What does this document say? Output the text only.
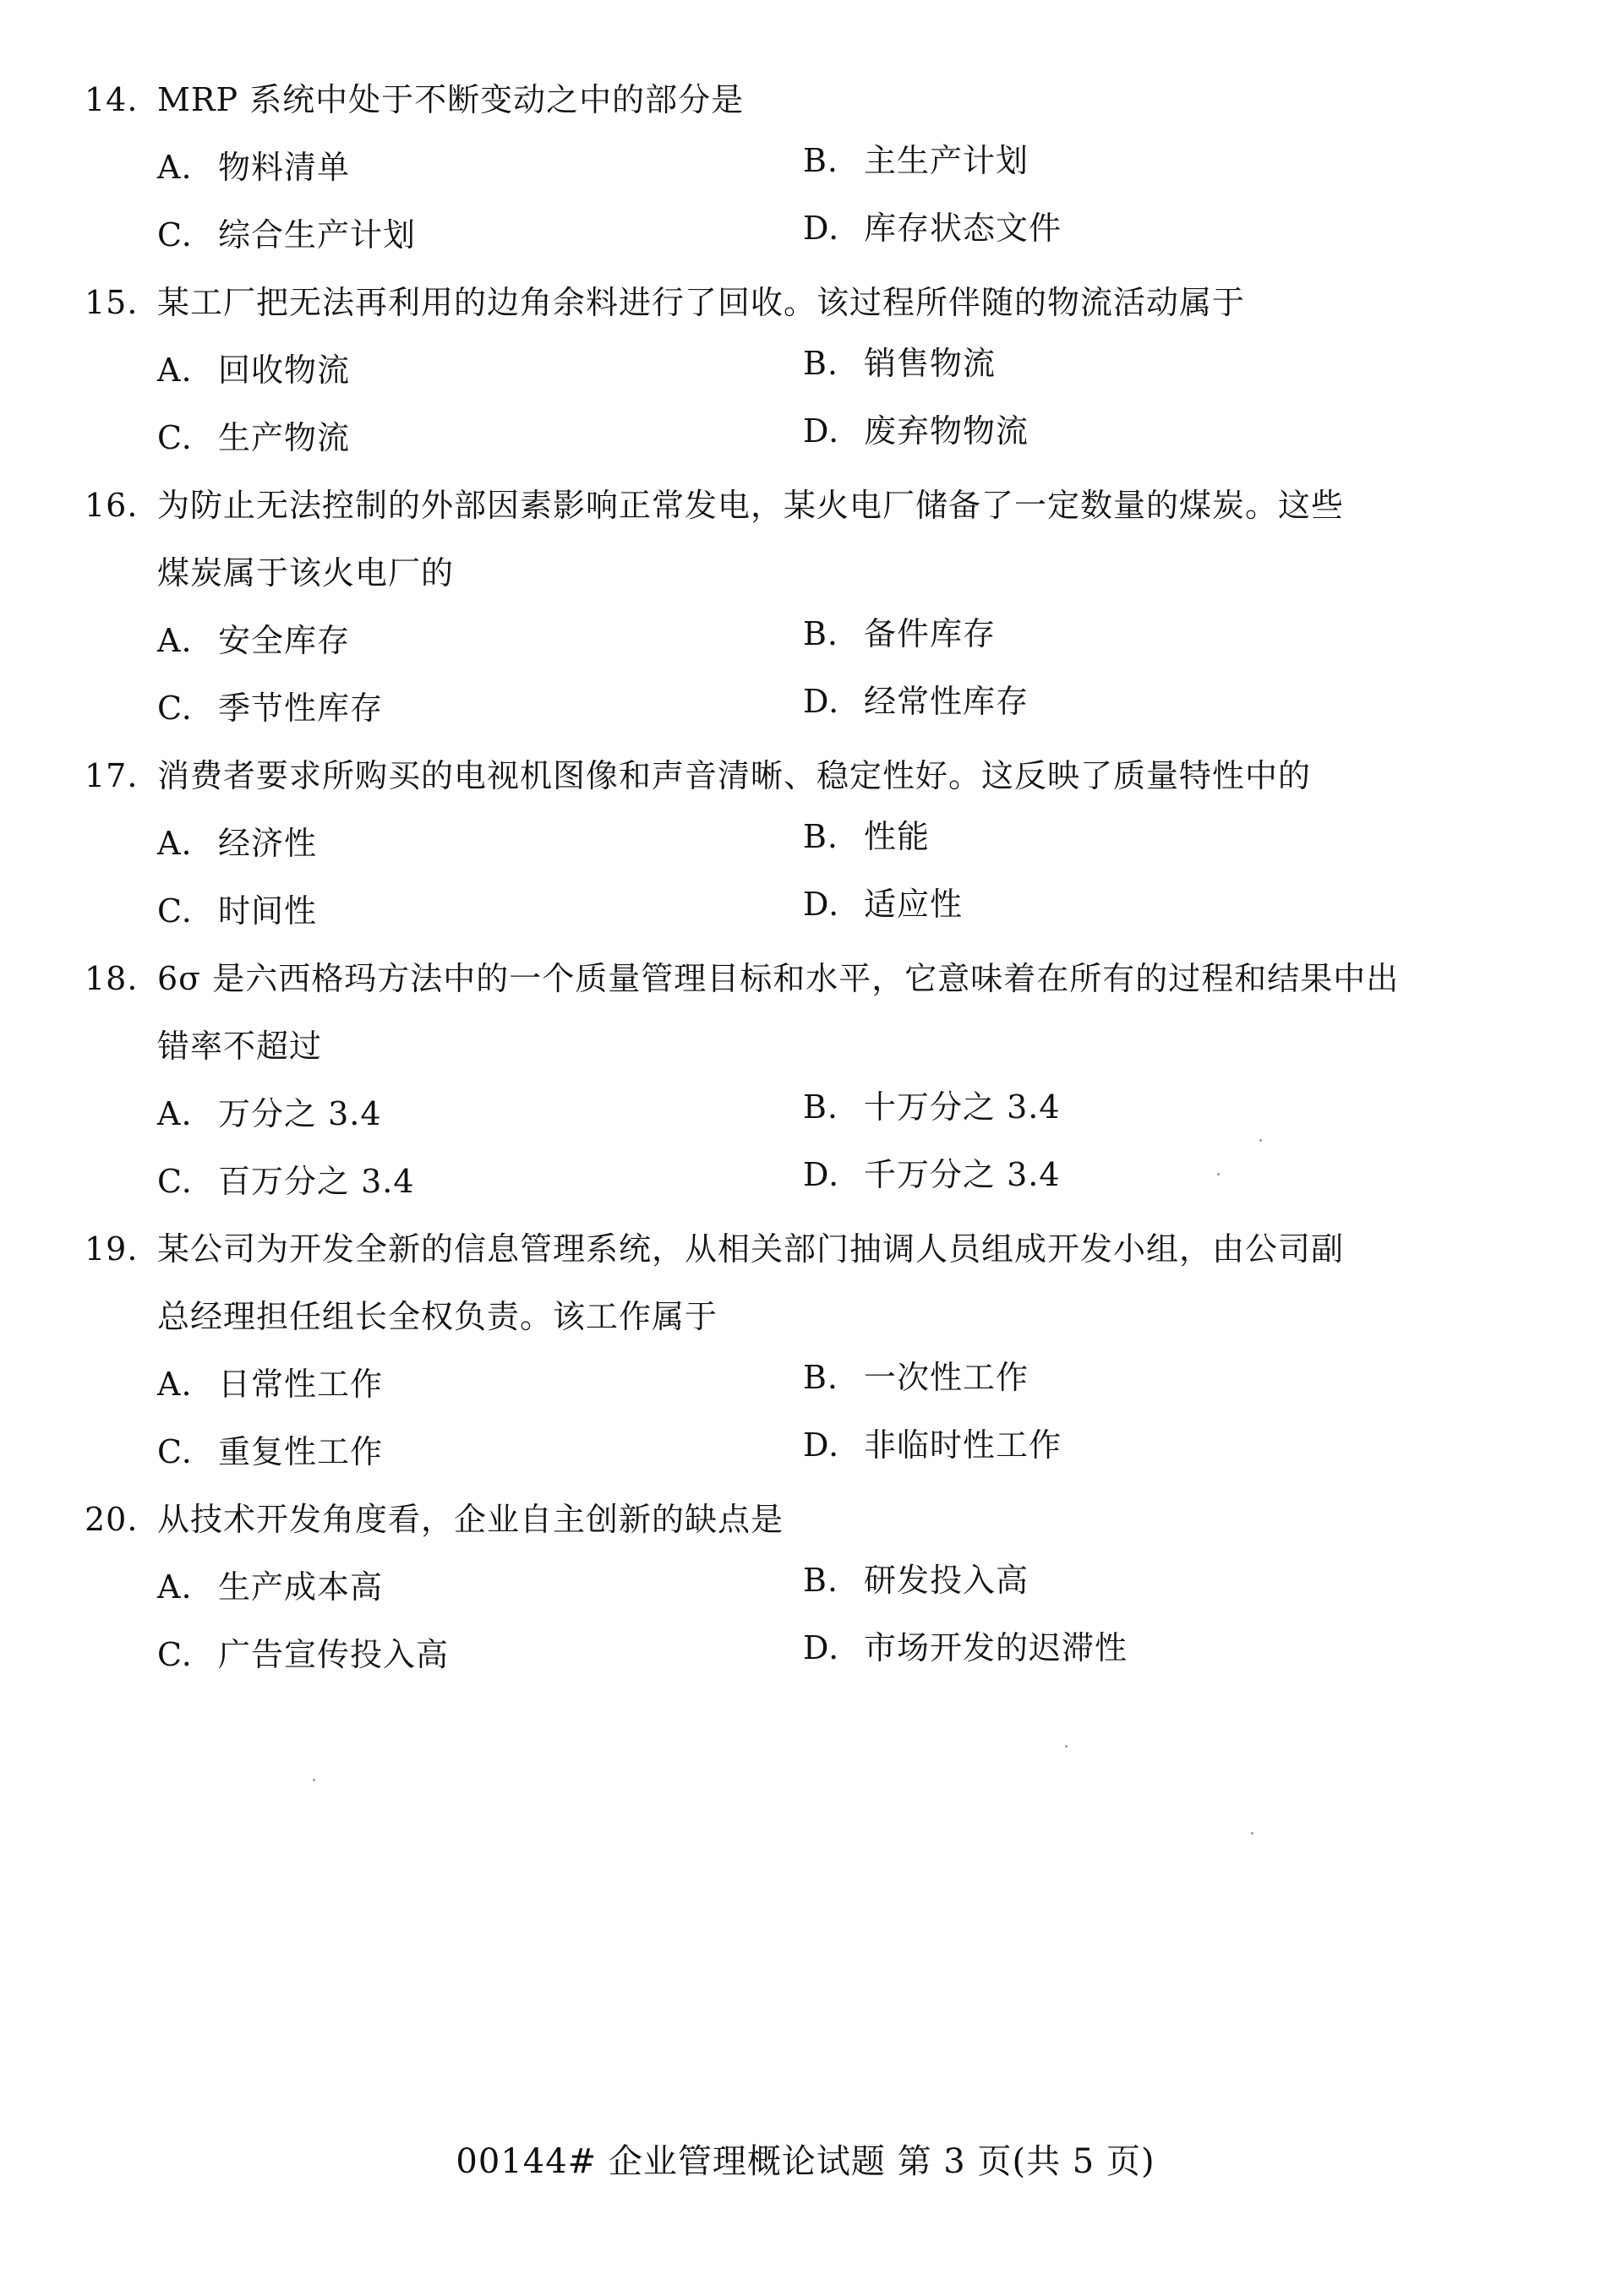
14. MRP 系统中处于不断变动之中的部分是
A. 物料清单	B. 主生产计划
C. 综合生产计划	D. 库存状态文件
15. 某工厂把无法再利用的边角余料进行了回收。该过程所伴随的物流活动属于
A. 回收物流	B. 销售物流
C. 生产物流	D. 废弃物物流
16. 为防止无法控制的外部因素影响正常发电，某火电厂储备了一定数量的煤炭。这些
煤炭属于该火电厂的
A. 安全库存	B. 备件库存
C. 季节性库存	D. 经常性库存
17. 消费者要求所购买的电视机图像和声音清晰、稳定性好。这反映了质量特性中的
A. 经济性	B. 性能
C. 时间性	D. 适应性
18. 6σ 是六西格玛方法中的一个质量管理目标和水平，它意味着在所有的过程和结果中出
错率不超过
A. 万分之 3.4	B. 十万分之 3.4
C. 百万分之 3.4	D. 千万分之 3.4
19. 某公司为开发全新的信息管理系统，从相关部门抽调人员组成开发小组，由公司副
总经理担任组长全权负责。该工作属于
A. 日常性工作	B. 一次性工作
C. 重复性工作	D. 非临时性工作
20. 从技术开发角度看，企业自主创新的缺点是
A. 生产成本高	B. 研发投入高
C. 广告宣传投入高	D. 市场开发的迟滞性
00144# 企业管理概论试题 第 3 页(共 5 页)
